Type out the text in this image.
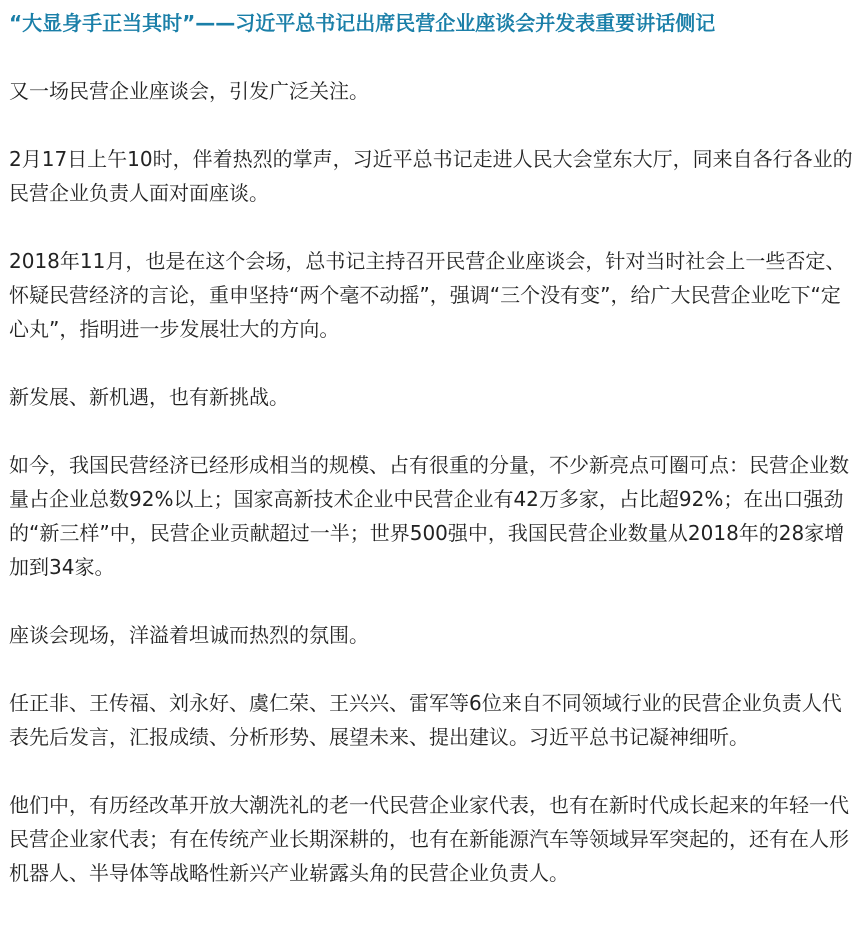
“大显身手正当其时”——习近平总书记出席民营企业座谈会并发表重要讲话侧记

又一场民营企业座谈会，引发广泛关注。

2月17日上午10时，伴着热烈的掌声，习近平总书记走进人民大会堂东大厅，同来自各行各业的民营企业负责人面对面座谈。

2018年11月，也是在这个会场，总书记主持召开民营企业座谈会，针对当时社会上一些否定、怀疑民营经济的言论，重申坚持“两个毫不动摇”，强调“三个没有变”，给广大民营企业吃下“定心丸”，指明进一步发展壮大的方向。

新发展、新机遇，也有新挑战。

如今，我国民营经济已经形成相当的规模、占有很重的分量，不少新亮点可圈可点：民营企业数量占企业总数92%以上；国家高新技术企业中民营企业有42万多家，占比超92%；在出口强劲的“新三样”中，民营企业贡献超过一半；世界500强中，我国民营企业数量从2018年的28家增加到34家。

座谈会现场，洋溢着坦诚而热烈的氛围。

任正非、王传福、刘永好、虞仁荣、王兴兴、雷军等6位来自不同领域行业的民营企业负责人代表先后发言，汇报成绩、分析形势、展望未来、提出建议。习近平总书记凝神细听。

他们中，有历经改革开放大潮洗礼的老一代民营企业家代表，也有在新时代成长起来的年轻一代民营企业家代表；有在传统产业长期深耕的，也有在新能源汽车等领域异军突起的，还有在人形机器人、半导体等战略性新兴产业崭露头角的民营企业负责人。
